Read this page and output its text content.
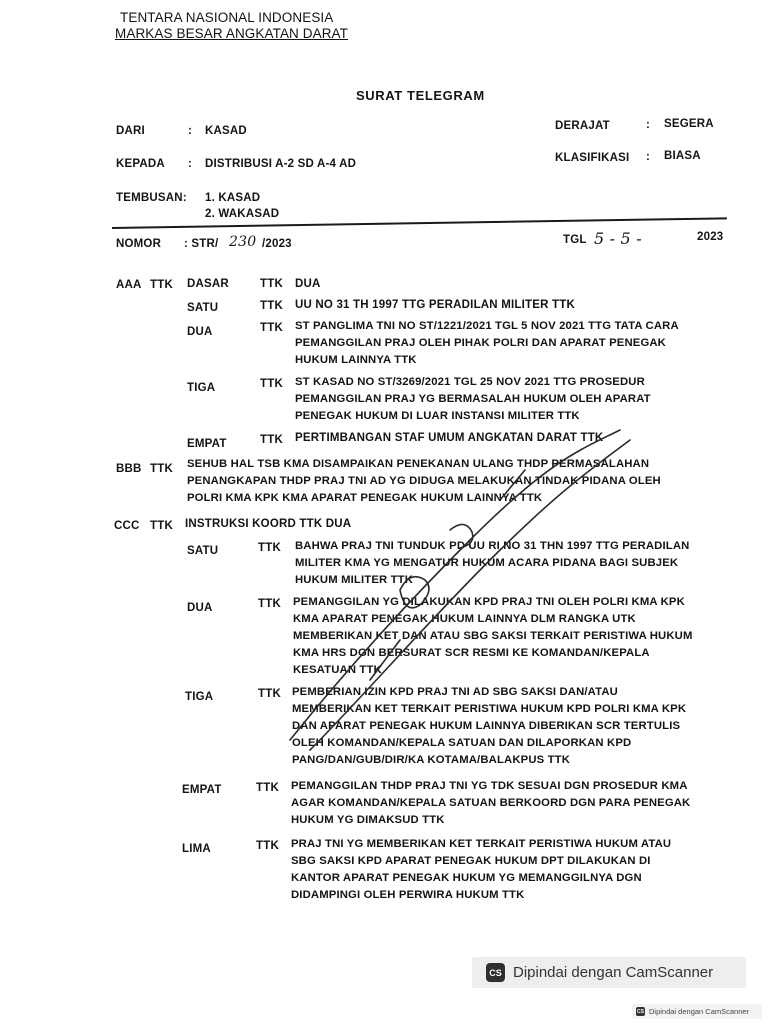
TENTARA NASIONAL INDONESIA
MARKAS BESAR ANGKATAN DARAT
SURAT TELEGRAM
DARI	: KASAD
KEPADA : DISTRIBUSI A-2 SD A-4 AD
TEMBUSAN: 1. KASAD
2. WAKASAD
DERAJAT	: SEGERA
KLASIFIKASI : BIASA
NOMOR : STR/ 230 /2023	TGL 5 - 5 -	2023
AAA TTK DASAR	TTK DUA
SATU	TTK UU NO 31 TH 1997 TTG PERADILAN MILITER TTK
DUA	TTK ST PANGLIMA TNI NO ST/1221/2021 TGL 5 NOV 2021 TTG TATA CARA
PEMANGGILAN PRAJ OLEH PIHAK POLRI DAN APARAT PENEGAK
HUKUM LAINNYA TTK
TIGA	TTK ST KASAD NO ST/3269/2021 TGL 25 NOV 2021 TTG PROSEDUR
PEMANGGILAN PRAJ YG BERMASALAH HUKUM OLEH APARAT
PENEGAK HUKUM DI LUAR INSTANSI MILITER TTK
EMPAT	TTK PERTIMBANGAN STAF UMUM ANGKATAN DARAT TTK
BBB TTK SEHUB HAL TSB KMA DISAMPAIKAN PENEKANAN ULANG THDP PERMASALAHAN
PENANGKAPAN THDP PRAJ TNI AD YG DIDUGA MELAKUKAN TINDAK PIDANA OLEH
POLRI KMA KPK KMA APARAT PENEGAK HUKUM LAINNYA TTK
CCC TTK INSTRUKSI KOORD TTK DUA
SATU	TTK BAHWA PRAJ TNI TUNDUK PD UU RI NO 31 THN 1997 TTG PERADILAN
MILITER KMA YG MENGATUR HUKUM ACARA PIDANA BAGI SUBJEK
HUKUM MILITER TTK
DUA	TTK PEMANGGILAN YG DILAKUKAN KPD PRAJ TNI OLEH POLRI KMA KPK
KMA APARAT PENEGAK HUKUM LAINNYA DLM RANGKA UTK
MEMBERIKAN KET DAN ATAU SBG SAKSI TERKAIT PERISTIWA HUKUM
KMA HRS DGN BERSURAT SCR RESMI KE KOMANDAN/KEPALA
KESATUAN TTK
TIGA	TTK PEMBERIAN IZIN KPD PRAJ TNI AD SBG SAKSI DAN/ATAU
MEMBERIKAN KET TERKAIT PERISTIWA HUKUM KPD POLRI KMA KPK
DAN APARAT PENEGAK HUKUM LAINNYA DIBERIKAN SCR TERTULIS
OLEH KOMANDAN/KEPALA SATUAN DAN DILAPORKAN KPD
PANG/DAN/GUB/DIR/KA KOTAMA/BALAKPUS TTK
EMPAT	TTK PEMANGGILAN THDP PRAJ TNI YG TDK SESUAI DGN PROSEDUR KMA
AGAR KOMANDAN/KEPALA SATUAN BERKOORD DGN PARA PENEGAK
HUKUM YG DIMAKSUD TTK
LIMA	TTK PRAJ TNI YG MEMBERIKAN KET TERKAIT PERISTIWA HUKUM ATAU
SBG SAKSI KPD APARAT PENEGAK HUKUM DPT DILAKUKAN DI
KANTOR APARAT PENEGAK HUKUM YG MEMANGGILNYA DGN
DIDAMPINGI OLEH PERWIRA HUKUM TTK
CS Dipindai dengan CamScanner
CS Dipindai dengan CamScanner
